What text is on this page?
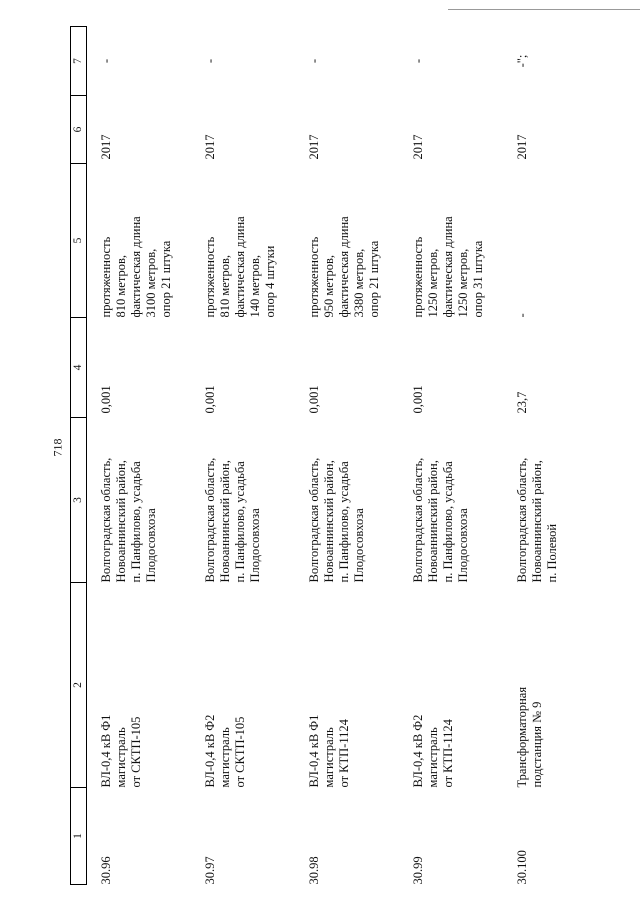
718
1	2	3	4	5	6	7
30.96	ВЛ-0,4 кВ Ф1 магистраль от СКТП-105	Волгоградская область, Новоаннинский район, п. Панфилово, усадьба Плодосовхоза	0,001	протяженность 810 метров, фактическая длина 3100 метров, опор 21 штука	2017	-
30.97	ВЛ-0,4 кВ Ф2 магистраль от СКТП-105	Волгоградская область, Новоаннинский район, п. Панфилово, усадьба Плодосовхоза	0,001	протяженность 810 метров, фактическая длина 140 метров, опор 4 штуки	2017	-
30.98	ВЛ-0,4 кВ Ф1 магистраль от КТП-1124	Волгоградская область, Новоаннинский район, п. Панфилово, усадьба Плодосовхоза	0,001	протяженность 950 метров, фактическая длина 3380 метров, опор 21 штука	2017	-
30.99	ВЛ-0,4 кВ Ф2 магистраль от КТП-1124	Волгоградская область, Новоаннинский район, п. Панфилово, усадьба Плодосовхоза	0,001	протяженность 1250 метров, фактическая длина 1250 метров, опор 31 штука	2017	-
30.100	Трансформаторная подстанция № 9	Волгоградская область, Новоаннинский район, п. Полевой	23,7	-	2017	-";
